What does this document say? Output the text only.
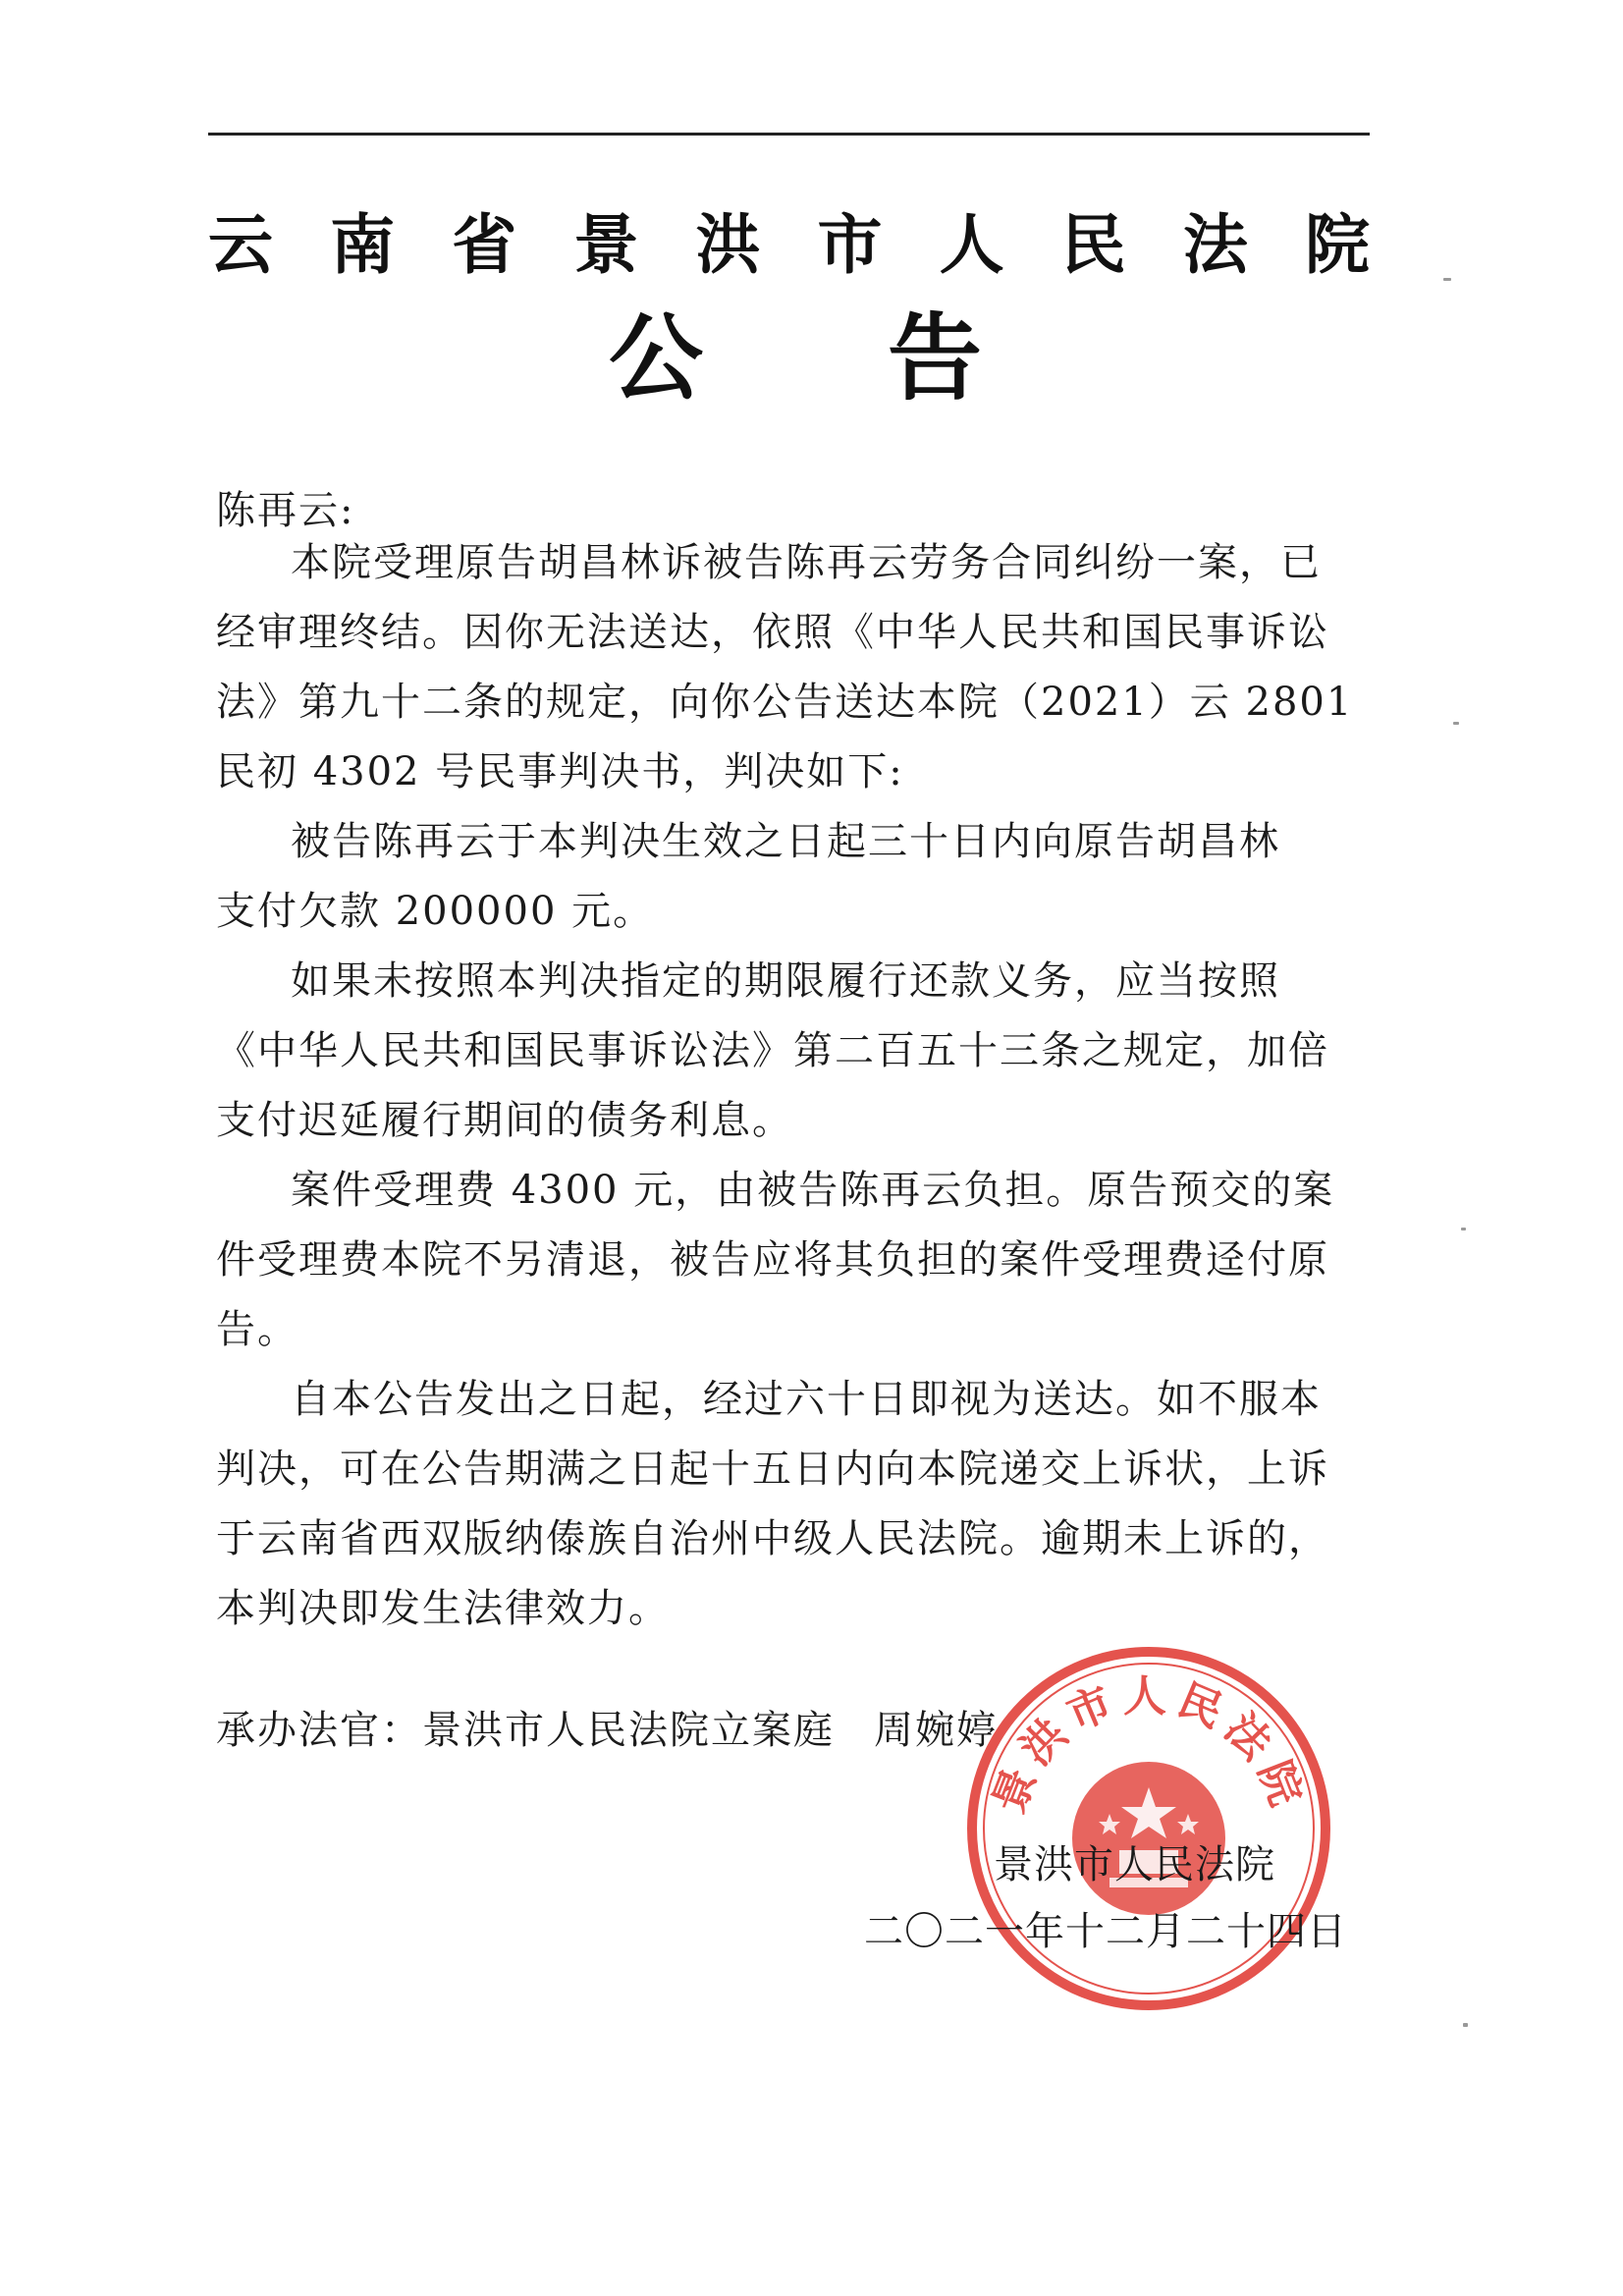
云 南 省 景 洪 市 人 民 法 院
公 告
陈再云:
本院受理原告胡昌林诉被告陈再云劳务合同纠纷一案，已
经审理终结。因你无法送达，依照《中华人民共和国民事诉讼
法》第九十二条的规定，向你公告送达本院（2021）云 2801
民初 4302 号民事判决书，判决如下:
被告陈再云于本判决生效之日起三十日内向原告胡昌林
支付欠款 200000 元。
如果未按照本判决指定的期限履行还款义务，应当按照
《中华人民共和国民事诉讼法》第二百五十三条之规定，加倍
支付迟延履行期间的债务利息。
案件受理费 4300 元，由被告陈再云负担。原告预交的案
件受理费本院不另清退，被告应将其负担的案件受理费迳付原
告。
自本公告发出之日起，经过六十日即视为送达。如不服本
判决，可在公告期满之日起十五日内向本院递交上诉状，上诉
于云南省西双版纳傣族自治州中级人民法院。逾期未上诉的，
本判决即发生法律效力。
承办法官：景洪市人民法院立案庭 周婉婷
景洪市人民法院
景洪市人民法院
二〇二一年十二月二十四日
